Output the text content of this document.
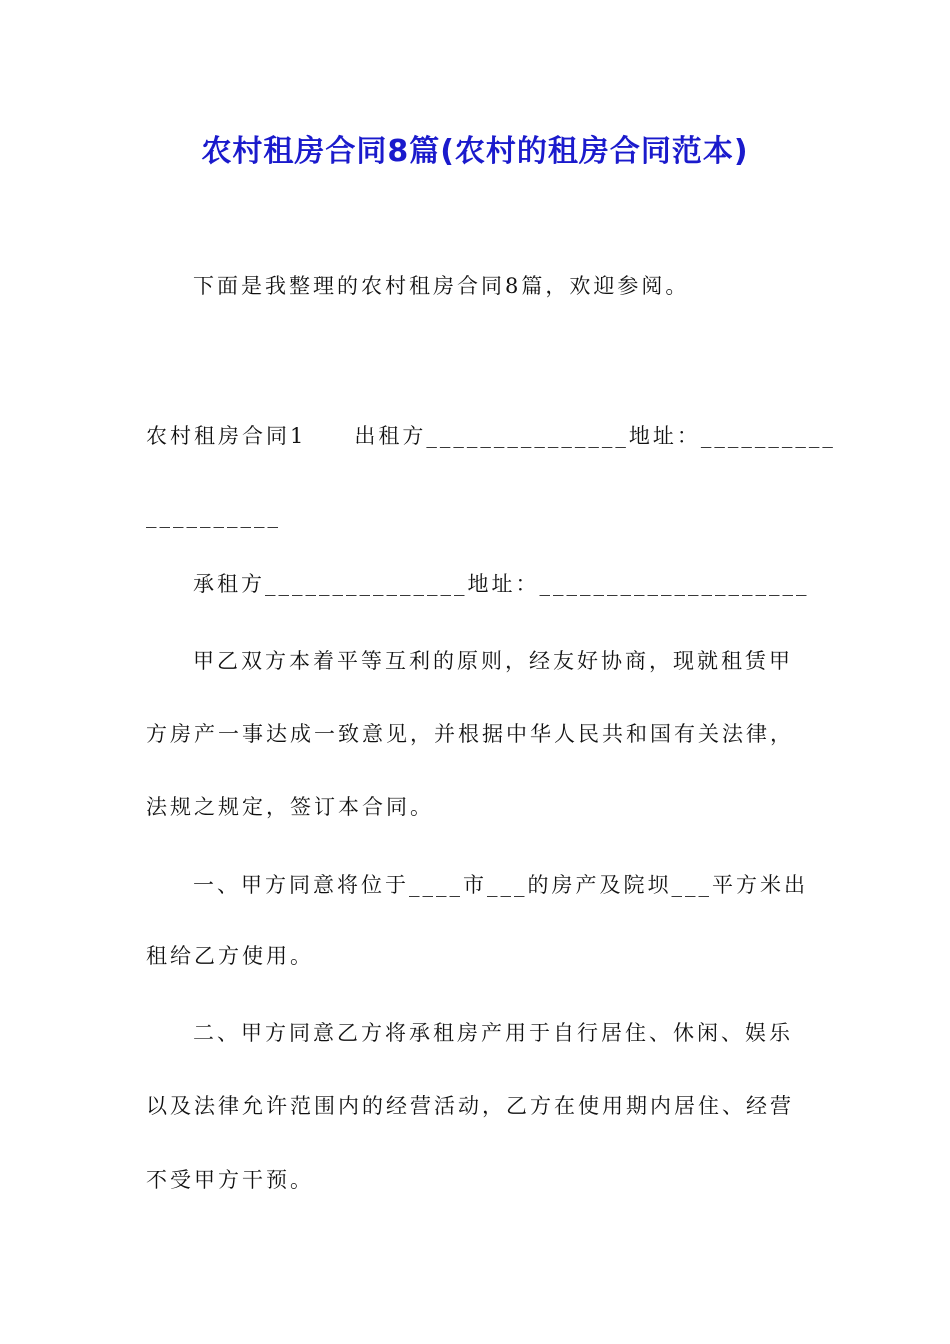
农村租房合同8篇(农村的租房合同范本)
下面是我整理的农村租房合同8篇，欢迎参阅。
农村租房合同1　　出租方_______________地址：__________
__________
承租方_______________地址：____________________
甲乙双方本着平等互利的原则，经友好协商，现就租赁甲
方房产一事达成一致意见，并根据中华人民共和国有关法律，
法规之规定，签订本合同。
一、甲方同意将位于____市___的房产及院坝___平方米出
租给乙方使用。
二、甲方同意乙方将承租房产用于自行居住、休闲、娱乐
以及法律允许范围内的经营活动，乙方在使用期内居住、经营
不受甲方干预。
